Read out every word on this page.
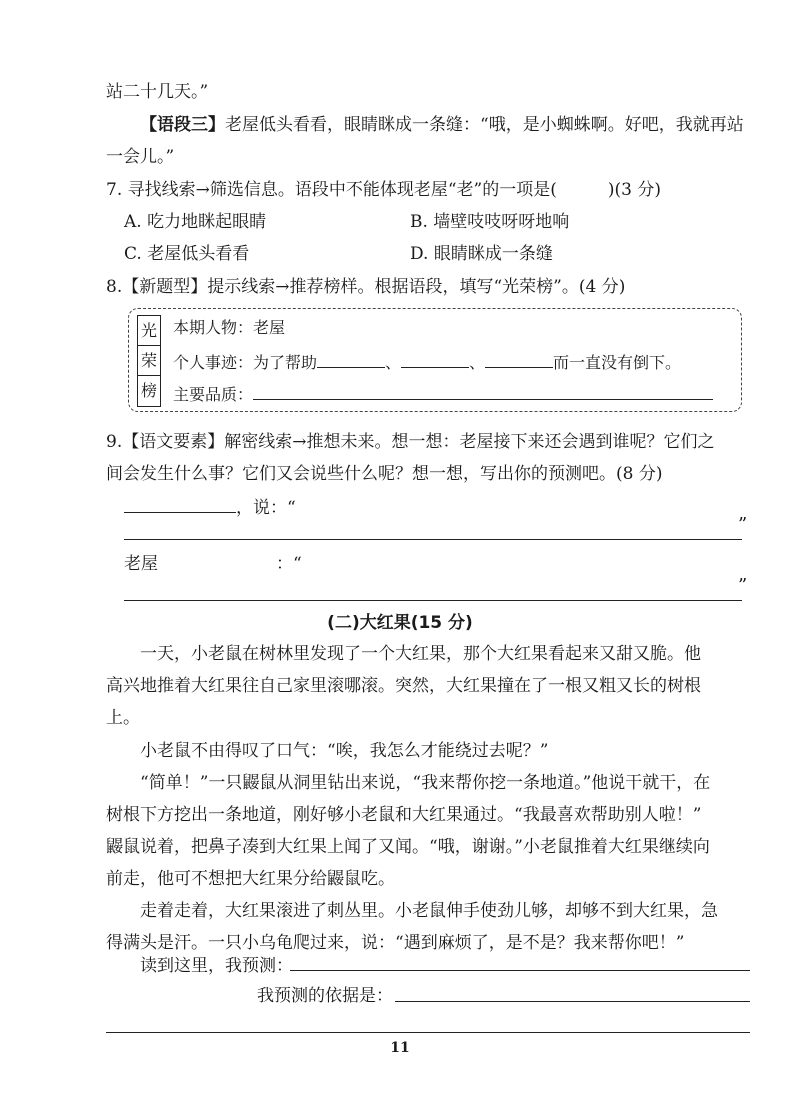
站二十几天。”
【语段三】老屋低头看看，眼睛眯成一条缝：“哦，是小蜘蛛啊。好吧，我就再站
一会儿。”
7. 寻找线索→筛选信息。语段中不能体现老屋“老”的一项是(　　　)(3 分)
A. 吃力地眯起眼睛	B. 墙壁吱吱呀呀地响
C. 老屋低头看看	D. 眼睛眯成一条缝
8.【新题型】提示线索→推荐榜样。根据语段，填写“光荣榜”。(4 分)
光
荣
榜
本期人物：老屋
个人事迹：为了帮助	、	、	而一直没有倒下。
主要品质：
9.【语文要素】解密线索→推想未来。想一想：老屋接下来还会遇到谁呢？它们之
间会发生什么事？它们又会说些什么呢？想一想，写出你的预测吧。(8 分)
，说：“
”
老屋	：“
”
(二)大红果(15 分)
一天，小老鼠在树林里发现了一个大红果，那个大红果看起来又甜又脆。他
高兴地推着大红果往自己家里滚哪滚。突然，大红果撞在了一根又粗又长的树根
上。
小老鼠不由得叹了口气：“唉，我怎么才能绕过去呢？”
“简单！”一只鼹鼠从洞里钻出来说，“我来帮你挖一条地道。”他说干就干，在
树根下方挖出一条地道，刚好够小老鼠和大红果通过。“我最喜欢帮助别人啦！”
鼹鼠说着，把鼻子凑到大红果上闻了又闻。“哦，谢谢。”小老鼠推着大红果继续向
前走，他可不想把大红果分给鼹鼠吃。
走着走着，大红果滚进了刺丛里。小老鼠伸手使劲儿够，却够不到大红果，急
得满头是汗。一只小乌龟爬过来，说：“遇到麻烦了，是不是？我来帮你吧！”
读到这里，我预测：
我预测的依据是：
11
